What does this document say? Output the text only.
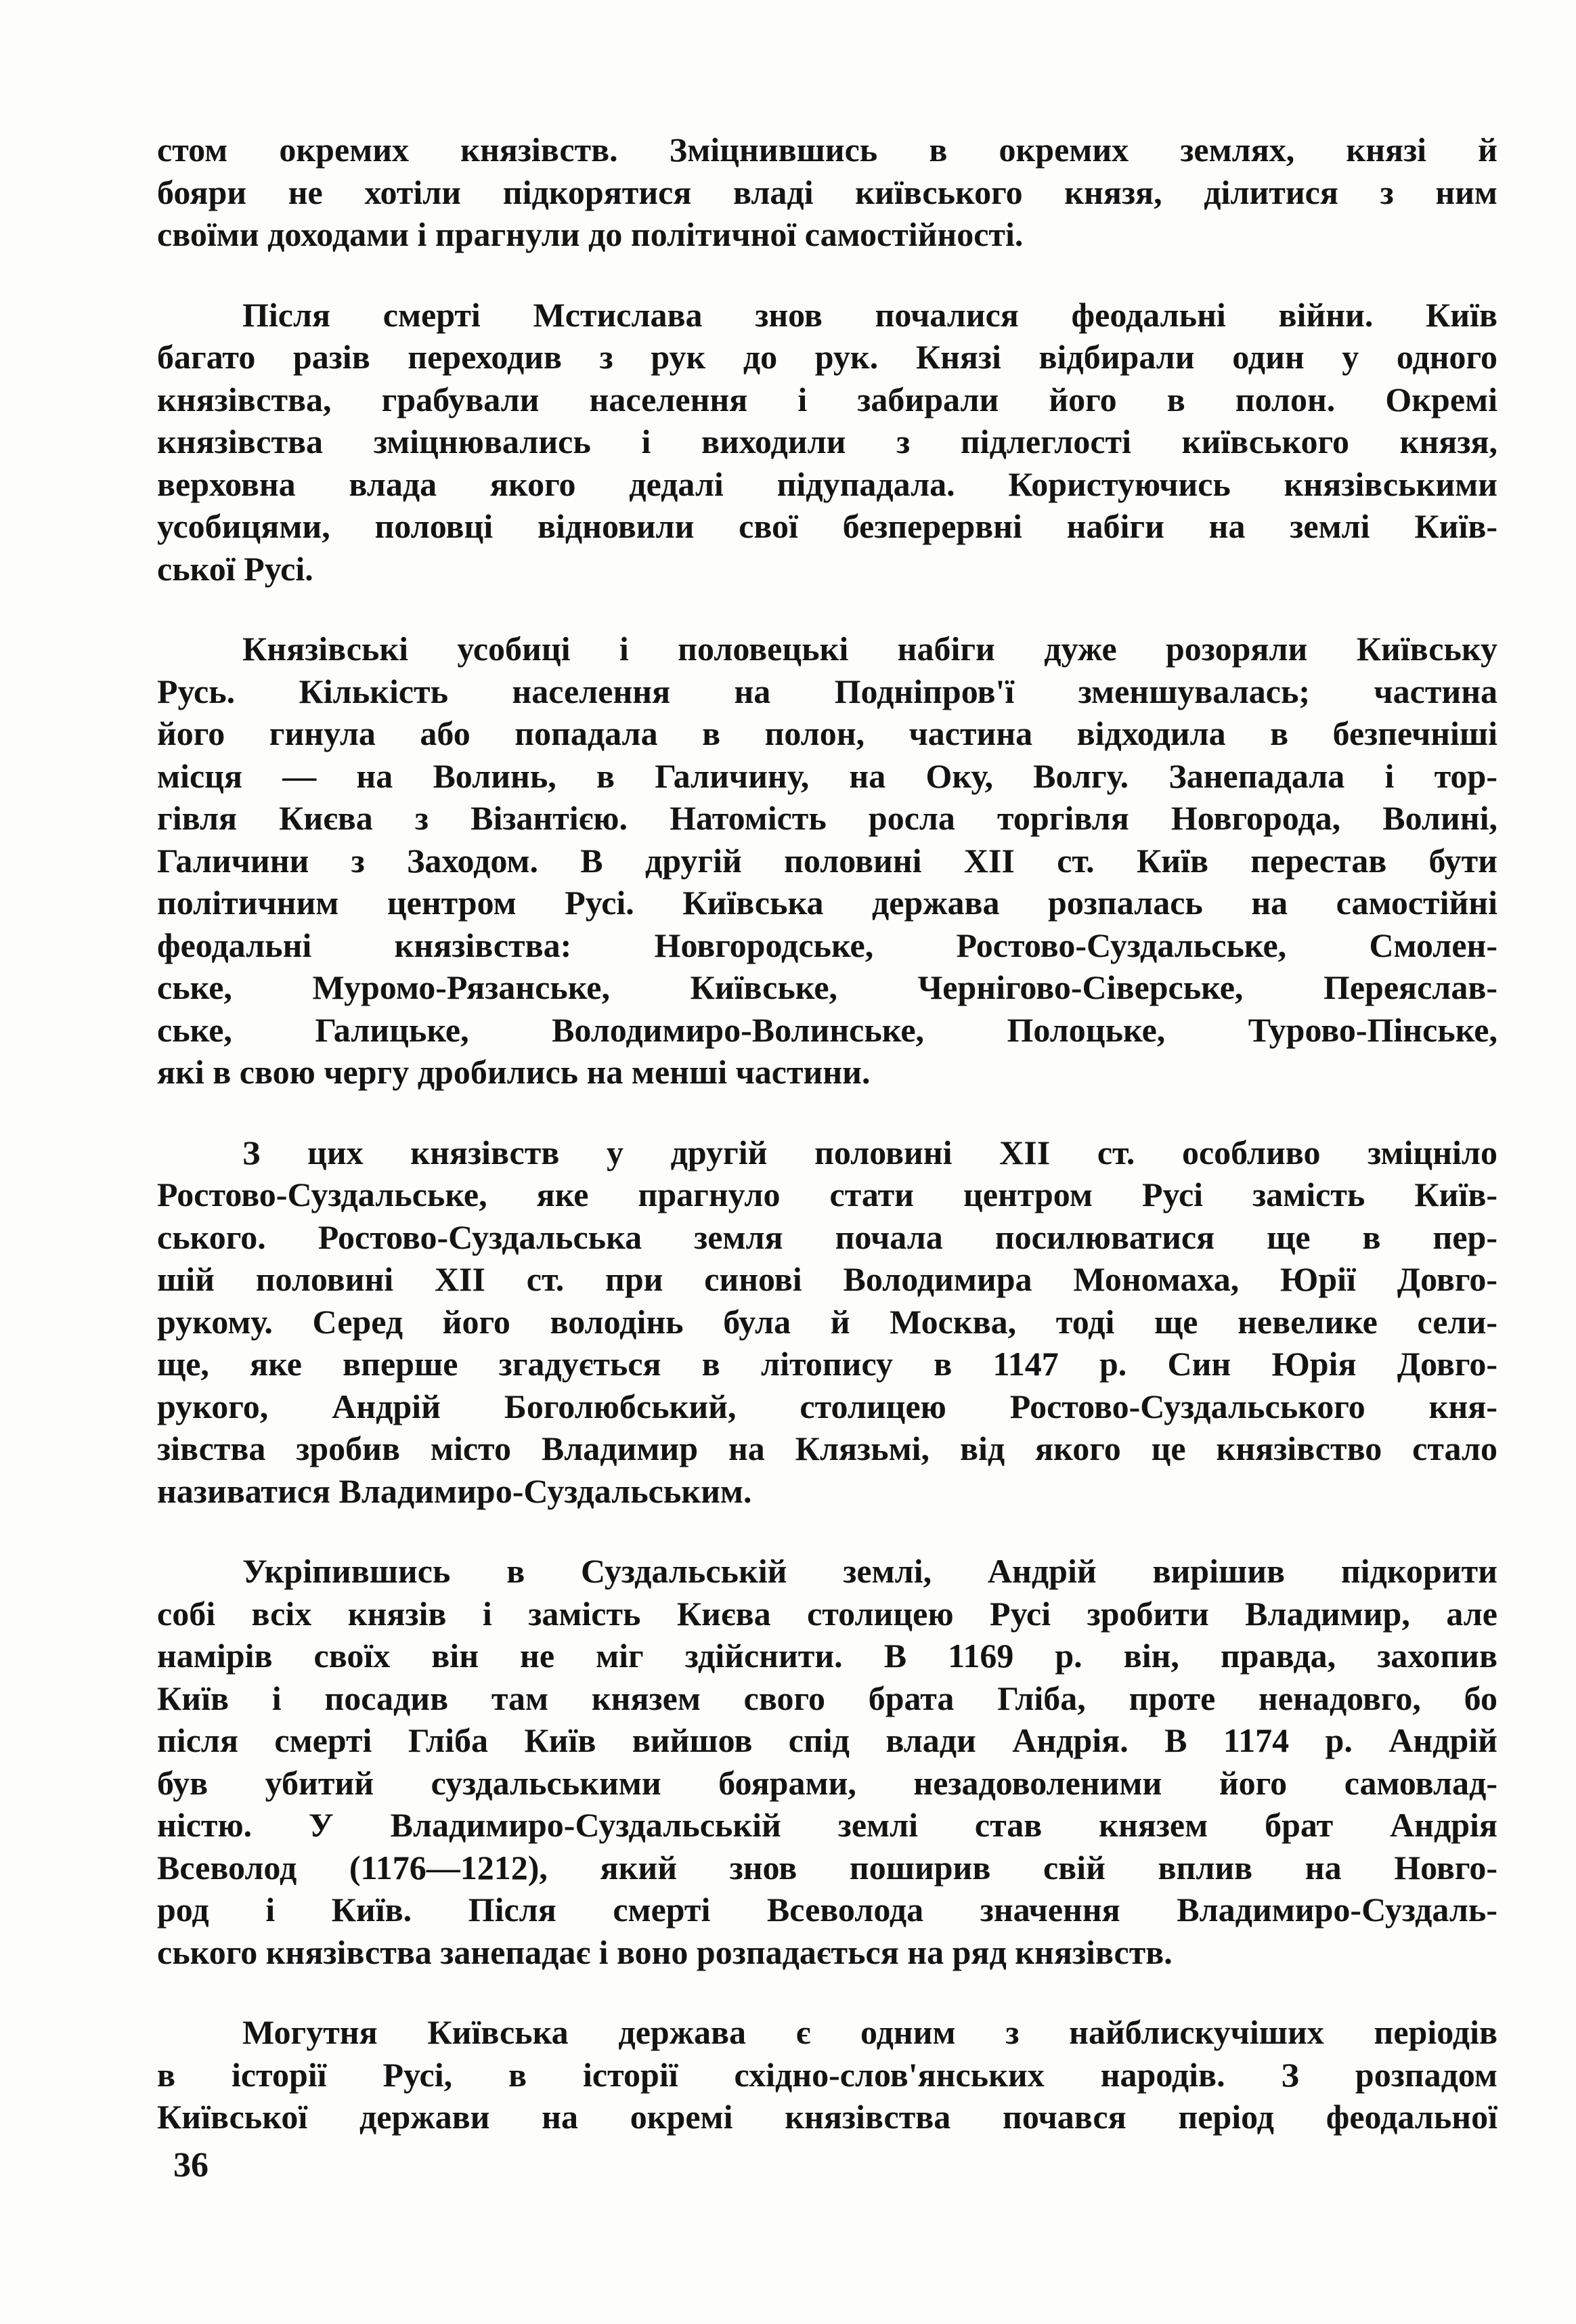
стом окремих князівств. Зміцнившись в окремих землях, князі й
бояри не хотіли підкорятися владі київського князя, ділитися з ним
своїми доходами і прагнули до політичної самостійності.
Після смерті Мстислава знов почалися феодальні війни. Київ
багато разів переходив з рук до рук. Князі відбирали один у одного
князівства, грабували населення і забирали його в полон. Окремі
князівства зміцнювались і виходили з підлеглості київського князя,
верховна влада якого дедалі підупадала. Користуючись князівськими
усобицями, половці відновили свої безперервні набіги на землі Київ-
ської Русі.
Князівські усобиці і половецькі набіги дуже розоряли Київську
Русь. Кількість населення на Подніпров'ї зменшувалась; частина
його гинула або попадала в полон, частина відходила в безпечніші
місця — на Волинь, в Галичину, на Оку, Волгу. Занепадала і тор-
гівля Києва з Візантією. Натомість росла торгівля Новгорода, Волині,
Галичини з Заходом. В другій половині XII ст. Київ перестав бути
політичним центром Русі. Київська держава розпалась на самостійні
феодальні князівства: Новгородське, Ростово-Суздальське, Смолен-
ське, Муромо-Рязанське, Київське, Чернігово-Сіверське, Переяслав-
ське, Галицьке, Володимиро-Волинське, Полоцьке, Турово-Пінське,
які в свою чергу дробились на менші частини.
З цих князівств у другій половині XII ст. особливо зміцніло
Ростово-Суздальське, яке прагнуло стати центром Русі замість Київ-
ського. Ростово-Суздальська земля почала посилюватися ще в пер-
шій половині XII ст. при синові Володимира Мономаха, Юрії Довго-
рукому. Серед його володінь була й Москва, тоді ще невелике сели-
ще, яке вперше згадується в літопису в 1147 р. Син Юрія Довго-
рукого, Андрій Боголюбський, столицею Ростово-Суздальського кня-
зівства зробив місто Владимир на Клязьмі, від якого це князівство стало
називатися Владимиро-Суздальським.
Укріпившись в Суздальській землі, Андрій вирішив підкорити
собі всіх князів і замість Києва столицею Русі зробити Владимир, але
намірів своїх він не міг здійснити. В 1169 р. він, правда, захопив
Київ і посадив там князем свого брата Гліба, проте ненадовго, бо
після смерті Гліба Київ вийшов спід влади Андрія. В 1174 р. Андрій
був убитий суздальськими боярами, незадоволеними його самовлад-
ністю. У Владимиро-Суздальській землі став князем брат Андрія
Всеволод (1176—1212), який знов поширив свій вплив на Новго-
род і Київ. Після смерті Всеволода значення Владимиро-Суздаль-
ського князівства занепадає і воно розпадається на ряд князівств.
Могутня Київська держава є одним з найблискучіших періодів
в історії Русі, в історії східно-слов'янських народів. З розпадом
Київської держави на окремі князівства почався період феодальної
36
